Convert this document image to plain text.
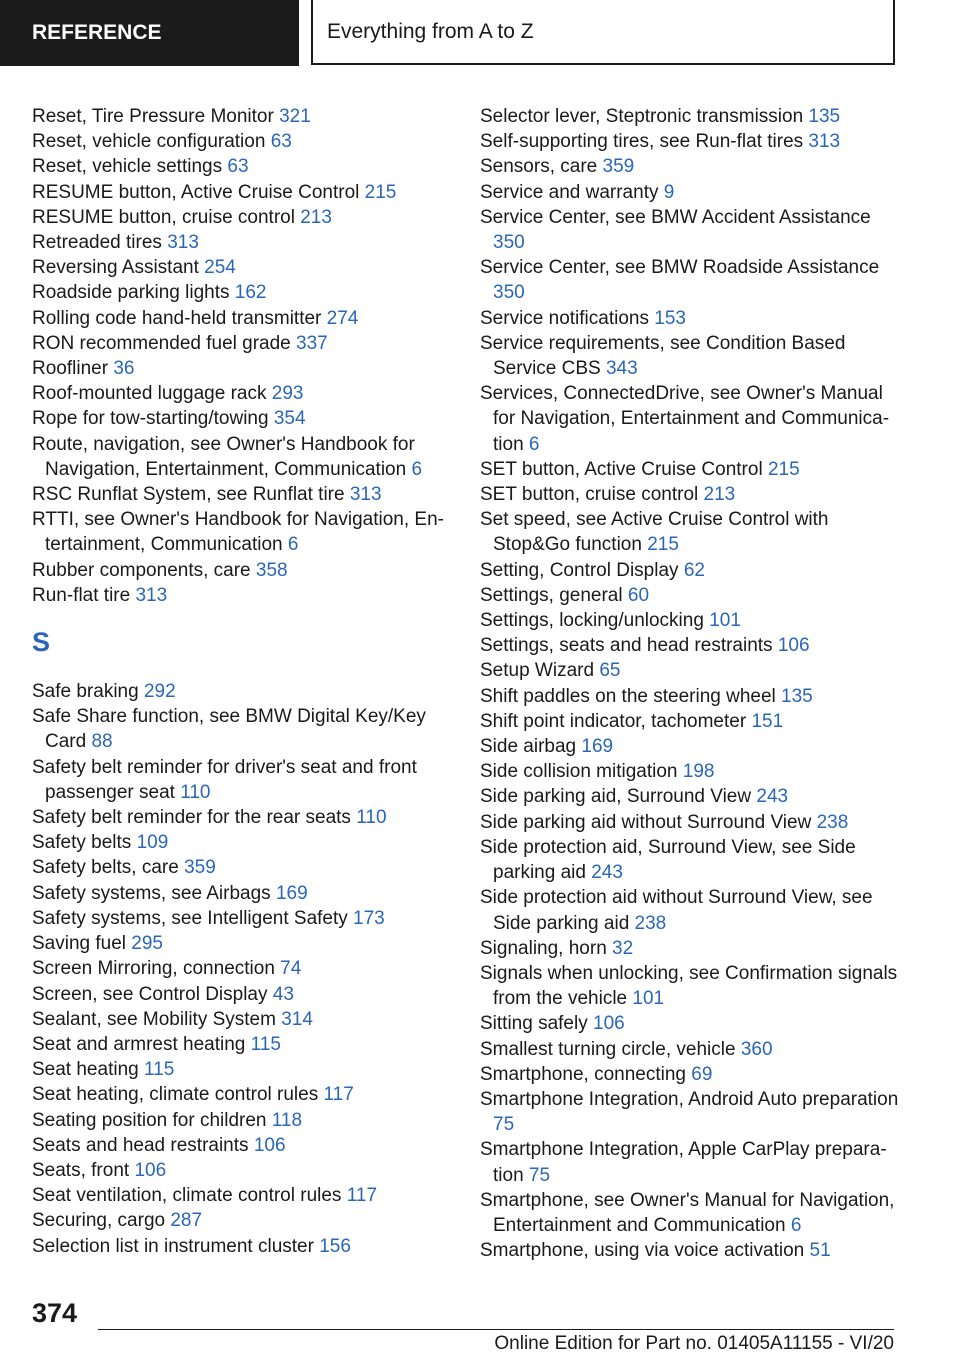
REFERENCE	Everything from A to Z
Reset, Tire Pressure Monitor 321
Reset, vehicle configuration 63
Reset, vehicle settings 63
RESUME button, Active Cruise Control 215
RESUME button, cruise control 213
Retreaded tires 313
Reversing Assistant 254
Roadside parking lights 162
Rolling code hand-held transmitter 274
RON recommended fuel grade 337
Roofliner 36
Roof-mounted luggage rack 293
Rope for tow-starting/towing 354
Route, navigation, see Owner's Handbook for Navigation, Entertainment, Communication 6
RSC Runflat System, see Runflat tire 313
RTTI, see Owner's Handbook for Navigation, Entertainment, Communication 6
Rubber components, care 358
Run-flat tire 313
S
Safe braking 292
Safe Share function, see BMW Digital Key/Key Card 88
Safety belt reminder for driver's seat and front passenger seat 110
Safety belt reminder for the rear seats 110
Safety belts 109
Safety belts, care 359
Safety systems, see Airbags 169
Safety systems, see Intelligent Safety 173
Saving fuel 295
Screen Mirroring, connection 74
Screen, see Control Display 43
Sealant, see Mobility System 314
Seat and armrest heating 115
Seat heating 115
Seat heating, climate control rules 117
Seating position for children 118
Seats and head restraints 106
Seats, front 106
Seat ventilation, climate control rules 117
Securing, cargo 287
Selection list in instrument cluster 156
Selector lever, Steptronic transmission 135
Self-supporting tires, see Run-flat tires 313
Sensors, care 359
Service and warranty 9
Service Center, see BMW Accident Assistance 350
Service Center, see BMW Roadside Assistance 350
Service notifications 153
Service requirements, see Condition Based Service CBS 343
Services, ConnectedDrive, see Owner's Manual for Navigation, Entertainment and Communication 6
SET button, Active Cruise Control 215
SET button, cruise control 213
Set speed, see Active Cruise Control with Stop&Go function 215
Setting, Control Display 62
Settings, general 60
Settings, locking/unlocking 101
Settings, seats and head restraints 106
Setup Wizard 65
Shift paddles on the steering wheel 135
Shift point indicator, tachometer 151
Side airbag 169
Side collision mitigation 198
Side parking aid, Surround View 243
Side parking aid without Surround View 238
Side protection aid, Surround View, see Side parking aid 243
Side protection aid without Surround View, see Side parking aid 238
Signaling, horn 32
Signals when unlocking, see Confirmation signals from the vehicle 101
Sitting safely 106
Smallest turning circle, vehicle 360
Smartphone, connecting 69
Smartphone Integration, Android Auto preparation 75
Smartphone Integration, Apple CarPlay preparation 75
Smartphone, see Owner's Manual for Navigation, Entertainment and Communication 6
Smartphone, using via voice activation 51
374
Online Edition for Part no. 01405A11155 - VI/20
